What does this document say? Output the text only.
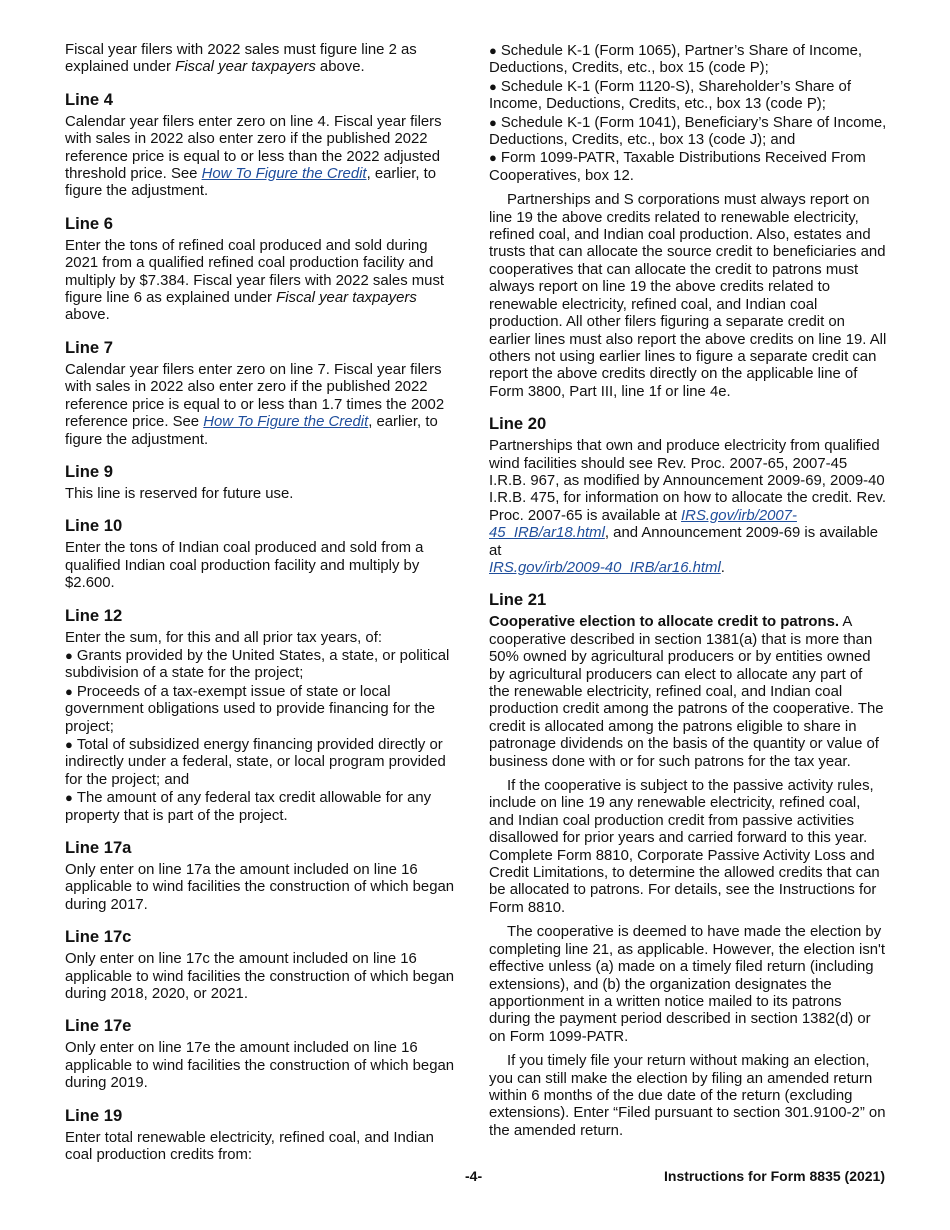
Fiscal year filers with 2022 sales must figure line 2 as explained under Fiscal year taxpayers above.

Line 4

Calendar year filers enter zero on line 4. Fiscal year filers with sales in 2022 also enter zero if the published 2022 reference price is equal to or less than the 2022 adjusted threshold price. See How To Figure the Credit, earlier, to figure the adjustment.

Line 6

Enter the tons of refined coal produced and sold during 2021 from a qualified refined coal production facility and multiply by $7.384. Fiscal year filers with 2022 sales must figure line 6 as explained under Fiscal year taxpayers above.

Line 7

Calendar year filers enter zero on line 7. Fiscal year filers with sales in 2022 also enter zero if the published 2022 reference price is equal to or less than 1.7 times the 2002 reference price. See How To Figure the Credit, earlier, to figure the adjustment.

Line 9

This line is reserved for future use.

Line 10

Enter the tons of Indian coal produced and sold from a qualified Indian coal production facility and multiply by $2.600.

Line 12

Enter the sum, for this and all prior tax years, of:

● Grants provided by the United States, a state, or political subdivision of a state for the project;
● Proceeds of a tax-exempt issue of state or local government obligations used to provide financing for the project;
● Total of subsidized energy financing provided directly or indirectly under a federal, state, or local program provided for the project; and
● The amount of any federal tax credit allowable for any property that is part of the project.
Line 17a

Only enter on line 17a the amount included on line 16 applicable to wind facilities the construction of which began during 2017.

Line 17c

Only enter on line 17c the amount included on line 16 applicable to wind facilities the construction of which began during 2018, 2020, or 2021.

Line 17e

Only enter on line 17e the amount included on line 16 applicable to wind facilities the construction of which began during 2019.

Line 19

Enter total renewable electricity, refined coal, and Indian coal production credits from:

● Schedule K-1 (Form 1065), Partner’s Share of Income, Deductions, Credits, etc., box 15 (code P);
● Schedule K-1 (Form 1120-S), Shareholder’s Share of Income, Deductions, Credits, etc., box 13 (code P);
● Schedule K-1 (Form 1041), Beneficiary’s Share of Income, Deductions, Credits, etc., box 13 (code J); and
● Form 1099-PATR, Taxable Distributions Received From Cooperatives, box 12.

Partnerships and S corporations must always report on line 19 the above credits related to renewable electricity, refined coal, and Indian coal production. Also, estates and trusts that can allocate the source credit to beneficiaries and cooperatives that can allocate the credit to patrons must always report on line 19 the above credits related to renewable electricity, refined coal, and Indian coal production. All other filers figuring a separate credit on earlier lines must also report the above credits on line 19. All others not using earlier lines to figure a separate credit can report the above credits directly on the applicable line of Form 3800, Part III, line 1f or line 4e.

Line 20

Partnerships that own and produce electricity from qualified wind facilities should see Rev. Proc. 2007-65, 2007-45 I.R.B. 967, as modified by Announcement 2009-69, 2009-40 I.R.B. 475, for information on how to allocate the credit. Rev. Proc. 2007-65 is available at IRS.gov/irb/2007-45_IRB/ar18.html, and Announcement 2009-69 is available at
IRS.gov/irb/2009-40_IRB/ar16.html.

Line 21

Cooperative election to allocate credit to patrons. A cooperative described in section 1381(a) that is more than 50% owned by agricultural producers or by entities owned by agricultural producers can elect to allocate any part of the renewable electricity, refined coal, and Indian coal production credit among the patrons of the cooperative. The credit is allocated among the patrons eligible to share in patronage dividends on the basis of the quantity or value of business done with or for such patrons for the tax year.

If the cooperative is subject to the passive activity rules, include on line 19 any renewable electricity, refined coal, and Indian coal production credit from passive activities disallowed for prior years and carried forward to this year. Complete Form 8810, Corporate Passive Activity Loss and Credit Limitations, to determine the allowed credits that can be allocated to patrons. For details, see the Instructions for Form 8810.

The cooperative is deemed to have made the election by completing line 21, as applicable. However, the election isn't effective unless (a) made on a timely filed return (including extensions), and (b) the organization designates the apportionment in a written notice mailed to its patrons during the payment period described in section 1382(d) or on Form 1099-PATR.

If you timely file your return without making an election, you can still make the election by filing an amended return within 6 months of the due date of the return (excluding extensions). Enter “Filed pursuant to section 301.9100-2” on the amended return.

-4-	Instructions for Form 8835 (2021)
